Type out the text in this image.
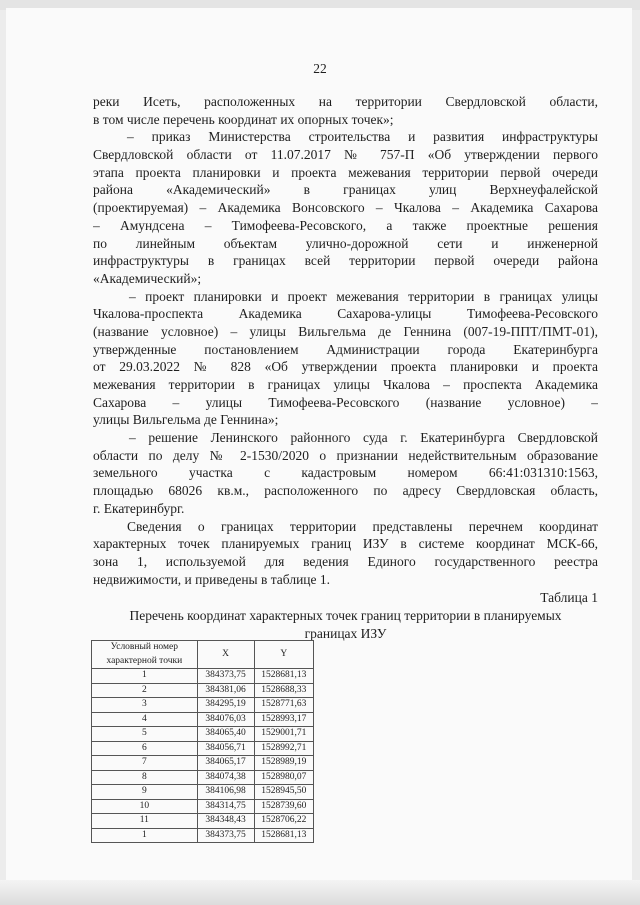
22
реки Исеть, расположенных на территории Свердловской области,
в том числе перечень координат их опорных точек»;
– приказ Министерства строительства и развития инфраструктуры
Свердловской области от 11.07.2017 № 757-П «Об утверждении первого
этапа проекта планировки и проекта межевания территории первой очереди
района «Академический» в границах улиц Верхнеуфалейской
(проектируемая) – Академика Вонсовского – Чкалова – Академика Сахарова
– Амундсена – Тимофеева-Ресовского, а также проектные решения
по линейным объектам улично-дорожной сети и инженерной
инфраструктуры в границах всей территории первой очереди района
«Академический»;
– проект планировки и проект межевания территории в границах улицы
Чкалова-проспекта Академика Сахарова-улицы Тимофеева-Ресовского
(название условное) – улицы Вильгельма де Геннина (007-19-ППТ/ПМТ-01),
утвержденные постановлением Администрации города Екатеринбурга
от 29.03.2022 № 828 «Об утверждении проекта планировки и проекта
межевания территории в границах улицы Чкалова – проспекта Академика
Сахарова – улицы Тимофеева-Ресовского (название условное) –
улицы Вильгельма де Геннина»;
– решение Ленинского районного суда г. Екатеринбурга Свердловской
области по делу № 2-1530/2020 о признании недействительным образование
земельного участка с кадастровым номером 66:41:031310:1563,
площадью 68026 кв.м., расположенного по адресу Свердловская область,
г. Екатеринбург.
Сведения о границах территории представлены перечнем координат
характерных точек планируемых границ ИЗУ в системе координат МСК-66,
зона 1, используемой для ведения Единого государственного реестра
недвижимости, и приведены в таблице 1.
Таблица 1
Перечень координат характерных точек границ территории в планируемых
границах ИЗУ
Условный номер характерной точки	X	Y
1	384373,75	1528681,13
2	384381,06	1528688,33
3	384295,19	1528771,63
4	384076,03	1528993,17
5	384065,40	1529001,71
6	384056,71	1528992,71
7	384065,17	1528989,19
8	384074,38	1528980,07
9	384106,98	1528945,50
10	384314,75	1528739,60
11	384348,43	1528706,22
1	384373,75	1528681,13
